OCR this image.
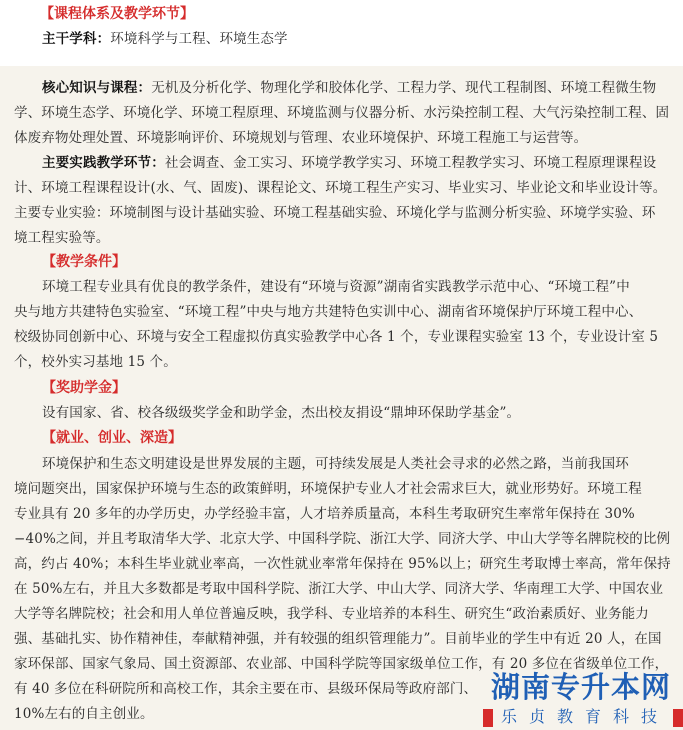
【课程体系及教学环节】

主干学科：环境科学与工程、环境生态学

核心知识与课程：无机及分析化学、物理化学和胶体化学、工程力学、现代工程制图、环境工程微生物

学、环境生态学、环境化学、环境工程原理、环境监测与仪器分析、水污染控制工程、大气污染控制工程、固

体废弃物处理处置、环境影响评价、环境规划与管理、农业环境保护、环境工程施工与运营等。

主要实践教学环节：社会调查、金工实习、环境学教学实习、环境工程教学实习、环境工程原理课程设

计、环境工程课程设计(水、气、固废)、课程论文、环境工程生产实习、毕业实习、毕业论文和毕业设计等。

主要专业实验：环境制图与设计基础实验、环境工程基础实验、环境化学与监测分析实验、环境学实验、环

境工程实验等。

【教学条件】

环境工程专业具有优良的教学条件，建设有“环境与资源”湖南省实践教学示范中心、“环境工程”中

央与地方共建特色实验室、“环境工程”中央与地方共建特色实训中心、湖南省环境保护厅环境工程中心、

校级协同创新中心、环境与安全工程虚拟仿真实验教学中心各 1 个，专业课程实验室 13 个，专业设计室 5

个，校外实习基地 15 个。

【奖助学金】

设有国家、省、校各级级奖学金和助学金，杰出校友捐设“鼎坤环保助学基金”。

【就业、创业、深造】

环境保护和生态文明建设是世界发展的主题，可持续发展是人类社会寻求的必然之路，当前我国环

境问题突出，国家保护环境与生态的政策鲜明，环境保护专业人才社会需求巨大，就业形势好。环境工程

专业具有 20 多年的办学历史，办学经验丰富，人才培养质量高，本科生考取研究生率常年保持在 30%

−40%之间，并且考取清华大学、北京大学、中国科学院、浙江大学、同济大学、中山大学等名牌院校的比例

高，约占 40%；本科生毕业就业率高，一次性就业率常年保持在 95%以上；研究生考取博士率高，常年保持

在 50%左右，并且大多数都是考取中国科学院、浙江大学、中山大学、同济大学、华南理工大学、中国农业

大学等名牌院校；社会和用人单位普遍反映，我学科、专业培养的本科生、研究生“政治素质好、业务能力

强、基础扎实、协作精神佳，奉献精神强，并有较强的组织管理能力”。目前毕业的学生中有近 20 人，在国

家环保部、国家气象局、国土资源部、农业部、中国科学院等国家级单位工作，有 20 多位在省级单位工作，

有 40 多位在科研院所和高校工作，其余主要在市、县级环保局等政府部门、

10%左右的自主创业。

湖南专升本网
乐贞教育科技
